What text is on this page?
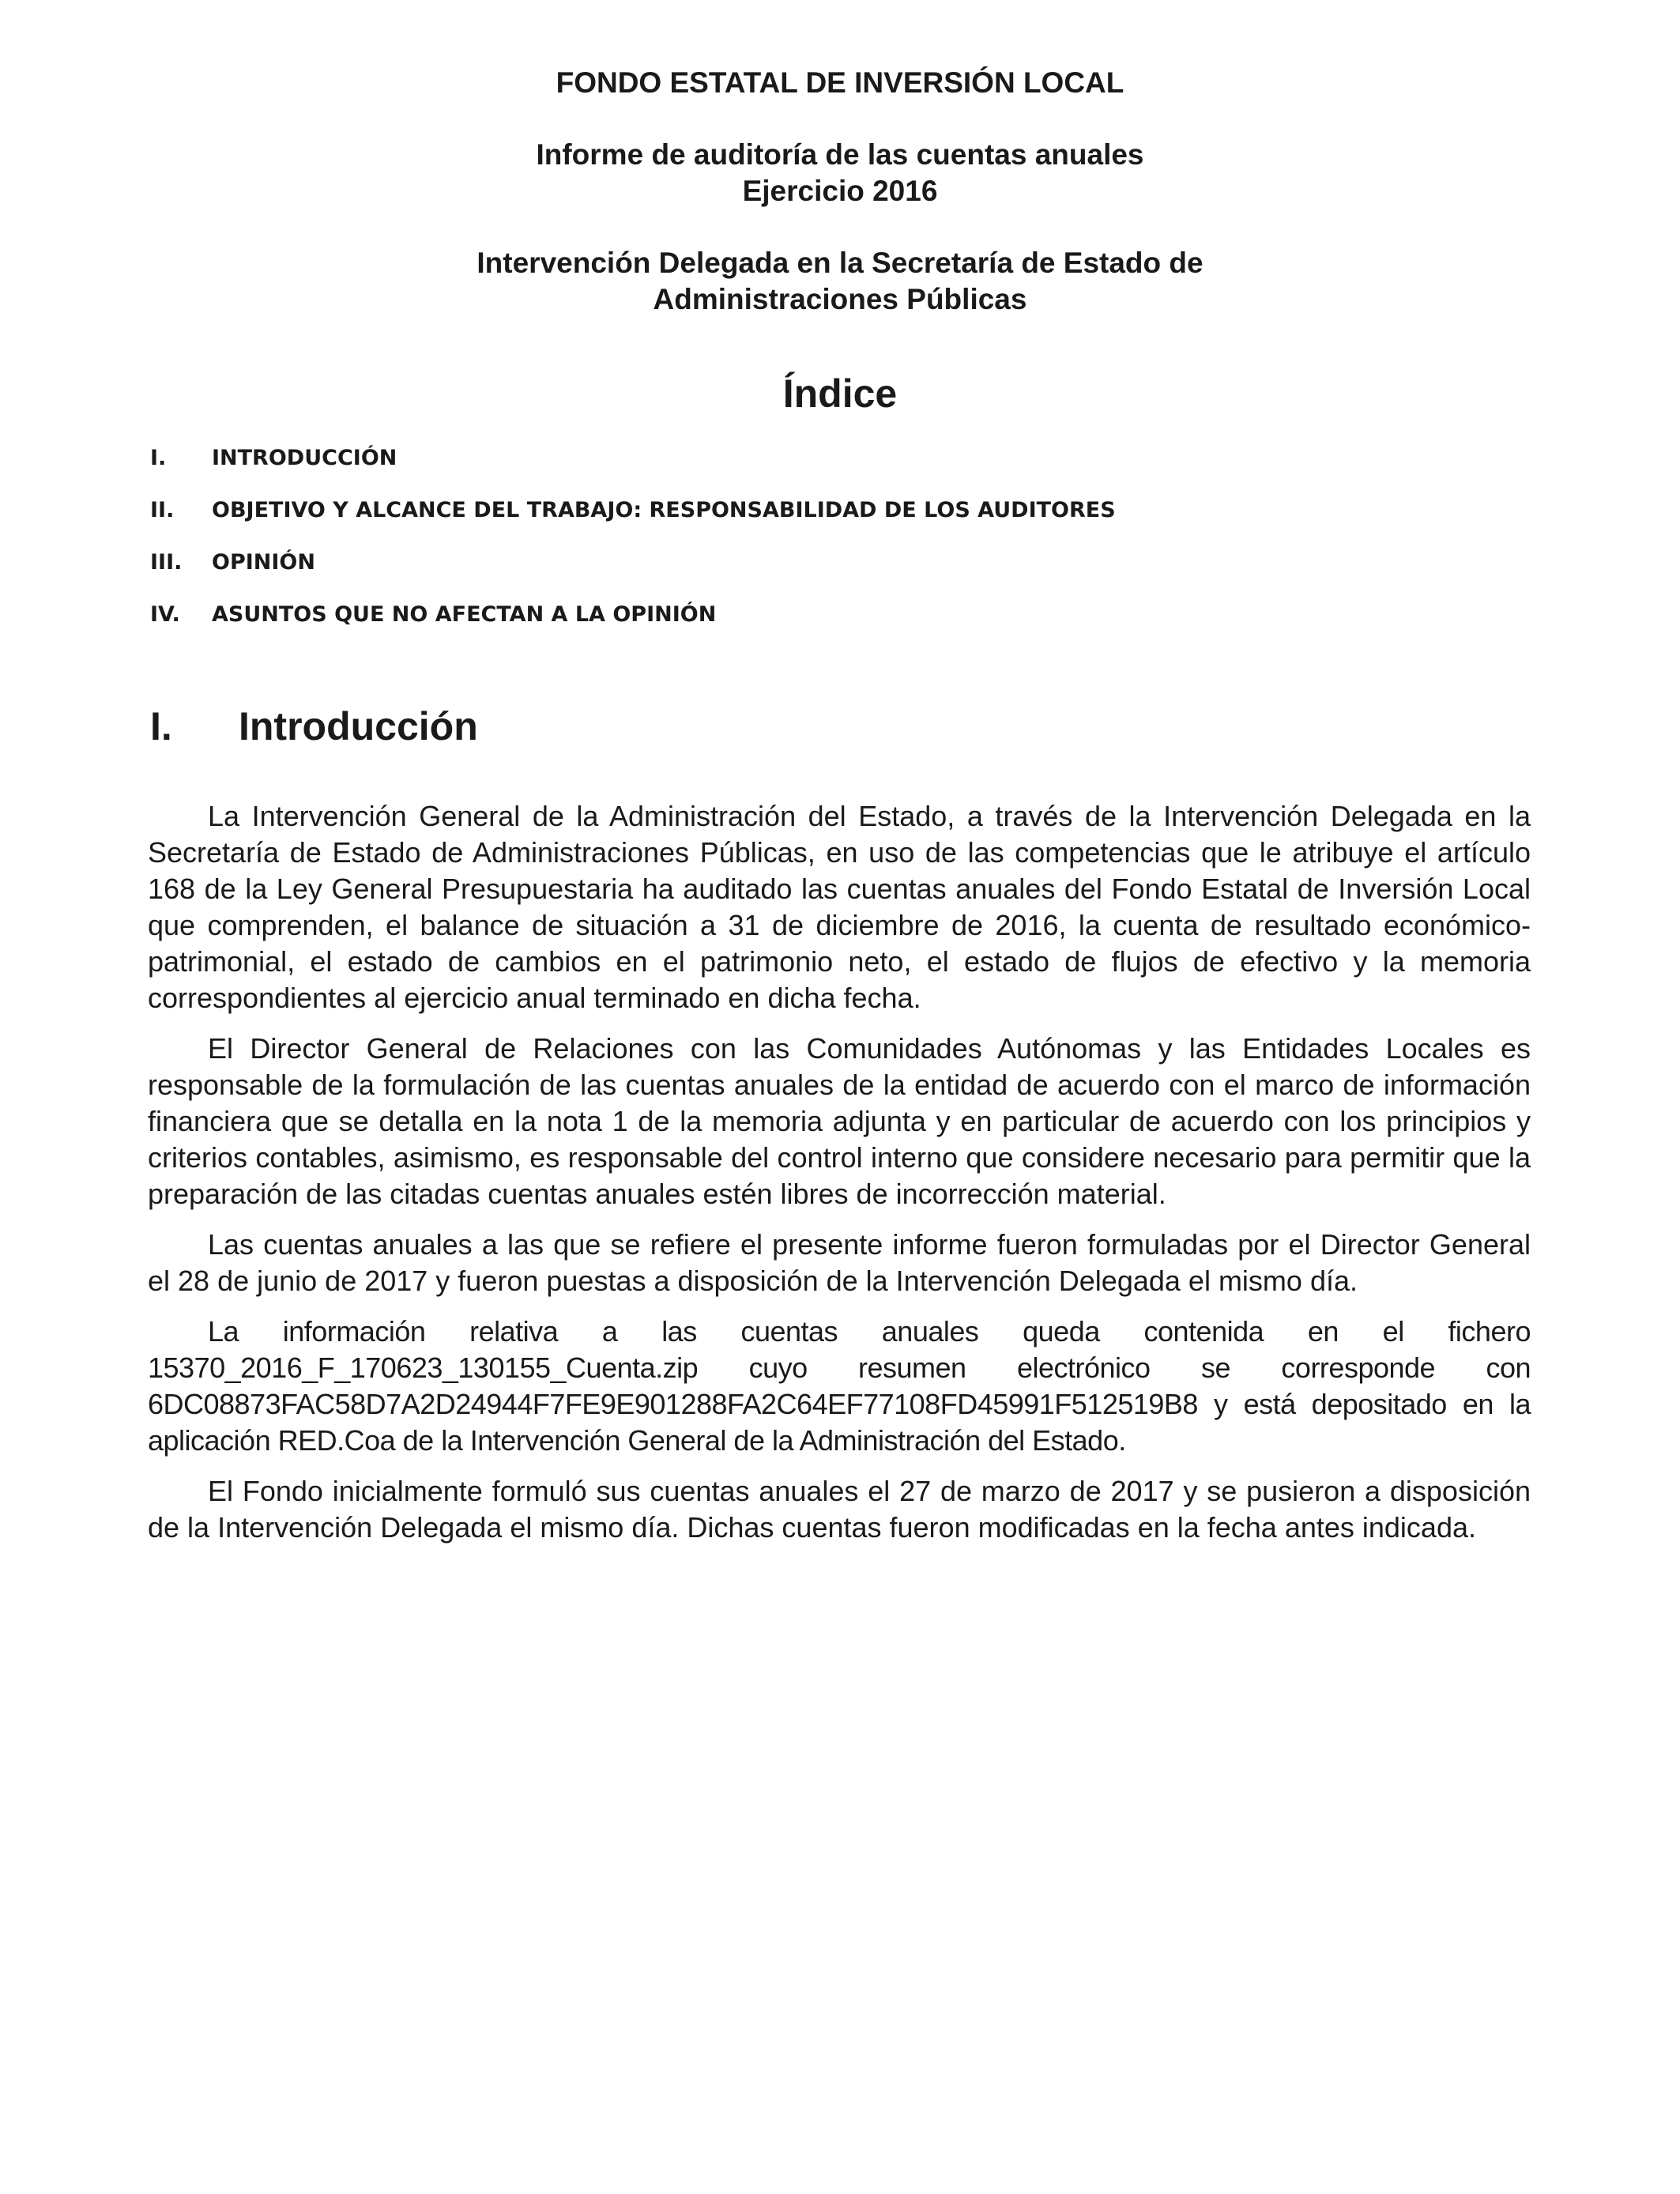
FONDO ESTATAL DE INVERSIÓN LOCAL
Informe de auditoría de las cuentas anuales
Ejercicio 2016
Intervención Delegada en la Secretaría de Estado de
Administraciones Públicas
Índice
I. INTRODUCCIÓN
II. OBJETIVO Y ALCANCE DEL TRABAJO: RESPONSABILIDAD DE LOS AUDITORES
III. OPINIÓN
IV. ASUNTOS QUE NO AFECTAN A LA OPINIÓN
I. Introducción

La Intervención General de la Administración del Estado, a través de la Intervención Delegada en la Secretaría de Estado de Administraciones Públicas, en uso de las competencias que le atribuye el artículo 168 de la Ley General Presupuestaria ha auditado las cuentas anuales del Fondo Estatal de Inversión Local que comprenden, el balance de situación a 31 de diciembre de 2016, la cuenta de resultado económico-patrimonial, el estado de cambios en el patrimonio neto, el estado de flujos de efectivo y la memoria correspondientes al ejercicio anual terminado en dicha fecha.

El Director General de Relaciones con las Comunidades Autónomas y las Entidades Locales es responsable de la formulación de las cuentas anuales de la entidad de acuerdo con el marco de información financiera que se detalla en la nota 1 de la memoria adjunta y en particular de acuerdo con los principios y criterios contables, asimismo, es responsable del control interno que considere necesario para permitir que la preparación de las citadas cuentas anuales estén libres de incorrección material.

Las cuentas anuales a las que se refiere el presente informe fueron formuladas por el Director General el 28 de junio de 2017 y fueron puestas a disposición de la Intervención Delegada el mismo día.

La información relativa a las cuentas anuales queda contenida en el fichero 15370_2016_F_170623_130155_Cuenta.zip cuyo resumen electrónico se corresponde con 6DC08873FAC58D7A2D24944F7FE9E901288FA2C64EF77108FD45991F512519B8 y está depositado en la aplicación RED.Coa de la Intervención General de la Administración del Estado.

El Fondo inicialmente formuló sus cuentas anuales el 27 de marzo de 2017 y se pusieron a disposición de la Intervención Delegada el mismo día. Dichas cuentas fueron modificadas en la fecha antes indicada.
